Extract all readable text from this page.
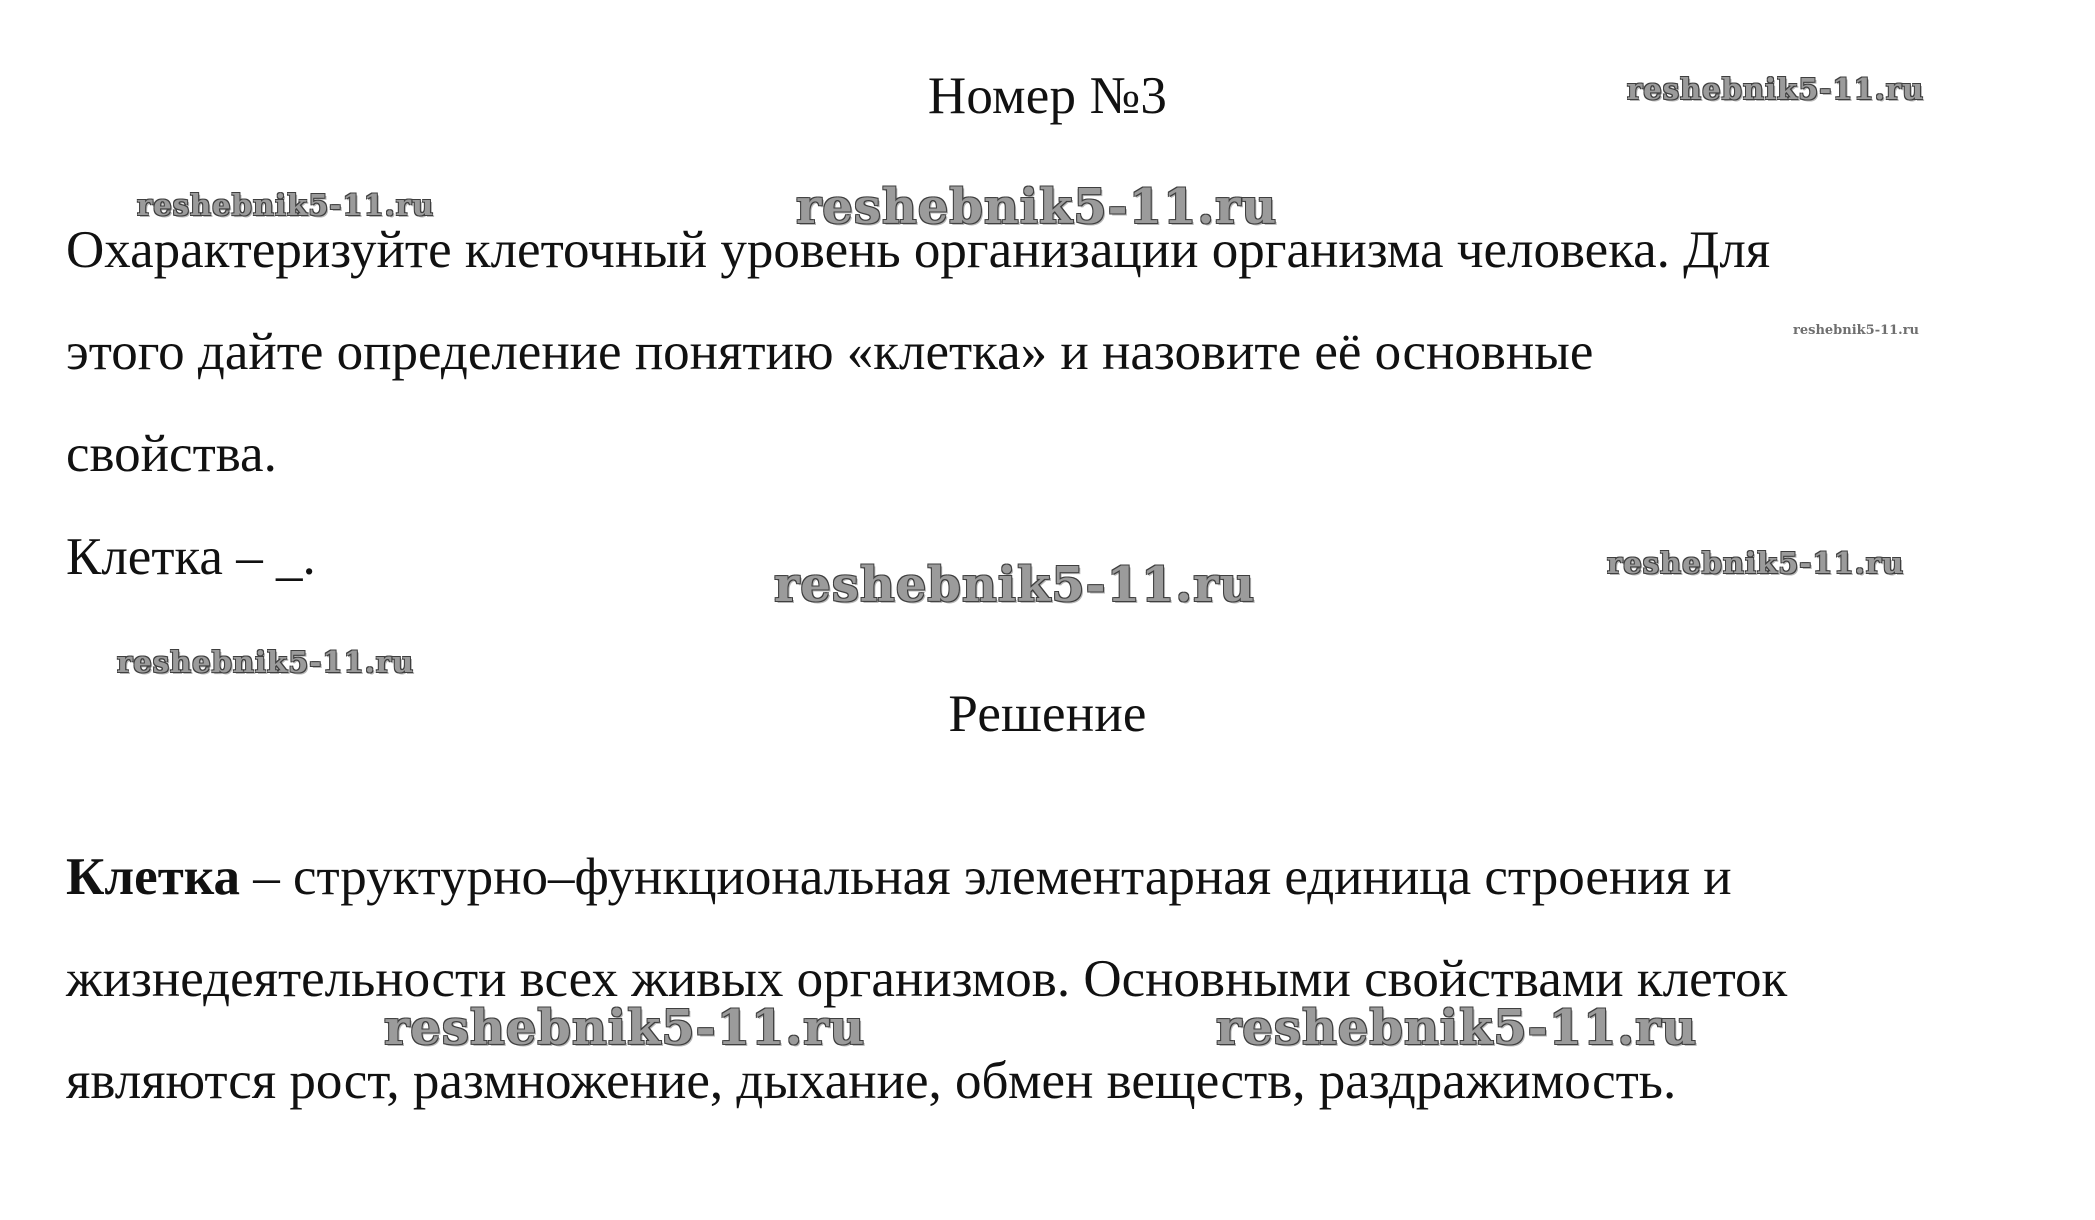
Номер №3
Охарактеризуйте клеточный уровень организации организма человека. Для
этого дайте определение понятию «клетка» и назовите её основные
свойства.
Клетка – _.
Решение
Клетка – структурно–функциональная элементарная единица строения и
жизнедеятельности всех живых организмов. Основными свойствами клеток
являются рост, размножение, дыхание, обмен веществ, раздражимость.
reshebnik5-11.ru
reshebnik5-11.ru	reshebnik5-11.ru
reshebnik5-11.ru
reshebnik5-11.ru	reshebnik5-11.ru
reshebnik5-11.ru
reshebnik5-11.ru	reshebnik5-11.ru
